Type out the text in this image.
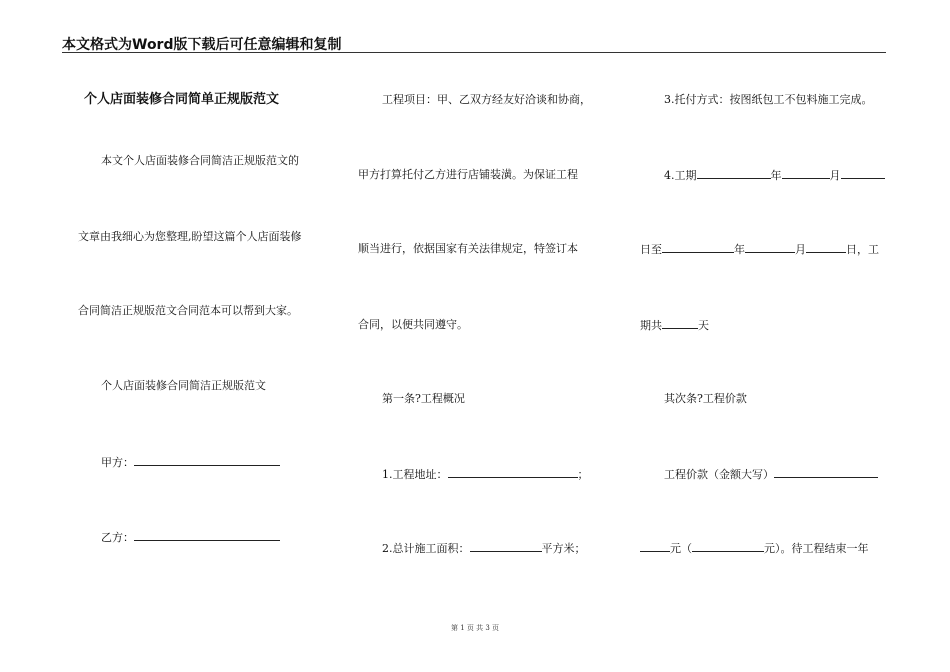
本文格式为Word版下载后可任意编辑和复制
个人店面装修合同简单正规版范文
本文个人店面装修合同简洁正规版范文的
文章由我细心为您整理,盼望这篇个人店面装修
合同简洁正规版范文合同范本可以帮到大家。
个人店面装修合同简洁正规版范文
甲方：
乙方：
工程项目：甲、乙双方经友好洽谈和协商，
甲方打算托付乙方进行店铺装潢。为保证工程
顺当进行，依据国家有关法律规定，特签订本
合同，以便共同遵守。
第一条?工程概况
1.工程地址：	；
2.总计施工面积：	平方米；
3.托付方式：按图纸包工不包料施工完成。
4.工期	年	月
日至	年	月	日，工
期共	天
其次条?工程价款
工程价款（金额大写）
元（	元）。待工程结束一年
第 1 页 共 3 页
